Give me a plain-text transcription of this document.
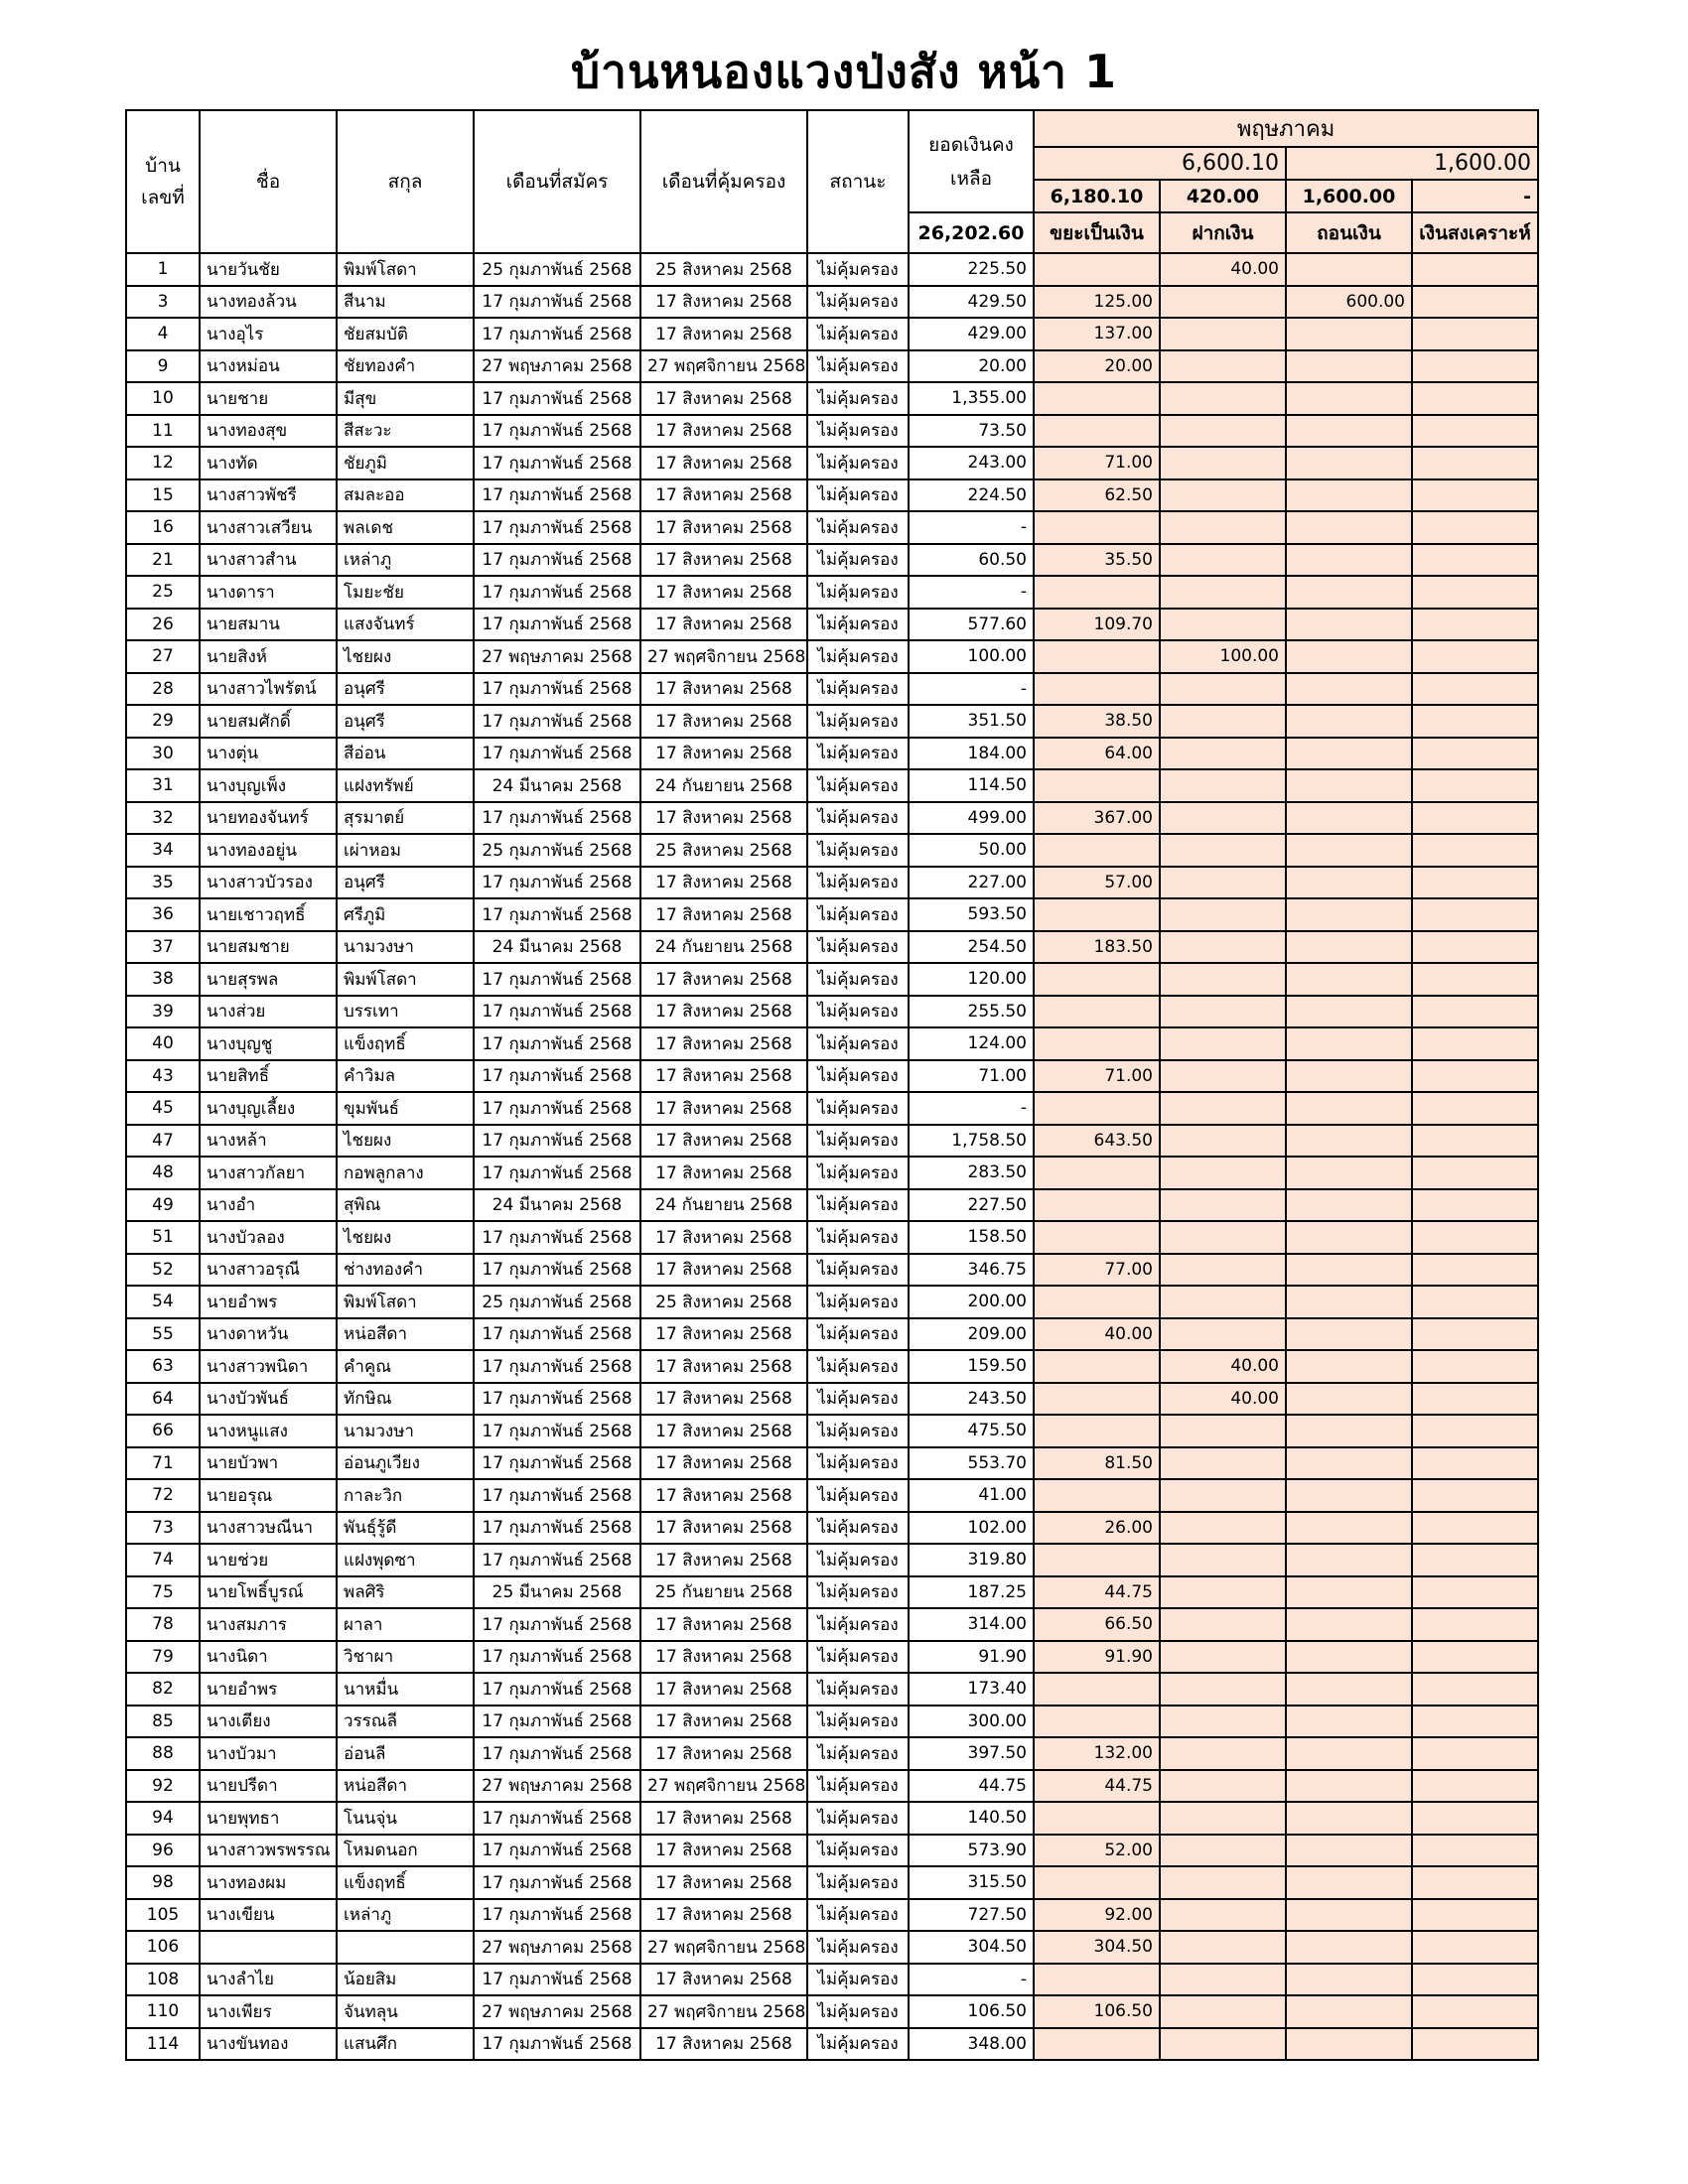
บ้านหนองแวงป่งสัง หน้า 1
บ้านเลขที่	ชื่อ	สกุล	เดือนที่สมัคร	เดือนที่คุ้มครอง	สถานะ	ยอดเงินคงเหลือ	พฤษภาคม			
							6,600.10		1,600.00	
							6,180.10	420.00	1,600.00	-
						26,202.60	ขยะเป็นเงิน	ฝากเงิน	ถอนเงิน	เงินสงเคราะห์
1	นายวันชัย	พิมพ์โสดา	25 กุมภาพันธ์ 2568	25 สิงหาคม 2568	ไม่คุ้มครอง	225.50		40.00		
3	นางทองล้วน	สีนาม	17 กุมภาพันธ์ 2568	17 สิงหาคม 2568	ไม่คุ้มครอง	429.50	125.00		600.00	
4	นางอุไร	ชัยสมบัติ	17 กุมภาพันธ์ 2568	17 สิงหาคม 2568	ไม่คุ้มครอง	429.00	137.00			
9	นางหม่อน	ชัยทองคำ	27 พฤษภาคม 2568	27 พฤศจิกายน 2568	ไม่คุ้มครอง	20.00	20.00			
10	นายชาย	มีสุข	17 กุมภาพันธ์ 2568	17 สิงหาคม 2568	ไม่คุ้มครอง	1,355.00				
11	นางทองสุข	สีสะวะ	17 กุมภาพันธ์ 2568	17 สิงหาคม 2568	ไม่คุ้มครอง	73.50				
12	นางทัด	ชัยภูมิ	17 กุมภาพันธ์ 2568	17 สิงหาคม 2568	ไม่คุ้มครอง	243.00	71.00			
15	นางสาวพัชรี	สมละออ	17 กุมภาพันธ์ 2568	17 สิงหาคม 2568	ไม่คุ้มครอง	224.50	62.50			
16	นางสาวเสวียน	พลเดช	17 กุมภาพันธ์ 2568	17 สิงหาคม 2568	ไม่คุ้มครอง	-				
21	นางสาวสำน	เหล่าภู	17 กุมภาพันธ์ 2568	17 สิงหาคม 2568	ไม่คุ้มครอง	60.50	35.50			
25	นางดารา	โมยะชัย	17 กุมภาพันธ์ 2568	17 สิงหาคม 2568	ไม่คุ้มครอง	-				
26	นายสมาน	แสงจันทร์	17 กุมภาพันธ์ 2568	17 สิงหาคม 2568	ไม่คุ้มครอง	577.60	109.70			
27	นายสิงห์	ไชยผง	27 พฤษภาคม 2568	27 พฤศจิกายน 2568	ไม่คุ้มครอง	100.00		100.00		
28	นางสาวไพรัตน์	อนุศรี	17 กุมภาพันธ์ 2568	17 สิงหาคม 2568	ไม่คุ้มครอง	-				
29	นายสมศักดิ์	อนุศรี	17 กุมภาพันธ์ 2568	17 สิงหาคม 2568	ไม่คุ้มครอง	351.50	38.50			
30	นางตุ่น	สีอ่อน	17 กุมภาพันธ์ 2568	17 สิงหาคม 2568	ไม่คุ้มครอง	184.00	64.00			
31	นางบุญเพ็ง	แฝงทรัพย์	24 มีนาคม 2568	24 กันยายน 2568	ไม่คุ้มครอง	114.50				
32	นายทองจันทร์	สุรมาตย์	17 กุมภาพันธ์ 2568	17 สิงหาคม 2568	ไม่คุ้มครอง	499.00	367.00			
34	นางทองอยู่น	เผ่าหอม	25 กุมภาพันธ์ 2568	25 สิงหาคม 2568	ไม่คุ้มครอง	50.00				
35	นางสาวบัวรอง	อนุศรี	17 กุมภาพันธ์ 2568	17 สิงหาคม 2568	ไม่คุ้มครอง	227.00	57.00			
36	นายเชาวฤทธิ์	ศรีภูมิ	17 กุมภาพันธ์ 2568	17 สิงหาคม 2568	ไม่คุ้มครอง	593.50				
37	นายสมชาย	นามวงษา	24 มีนาคม 2568	24 กันยายน 2568	ไม่คุ้มครอง	254.50	183.50			
38	นายสุรพล	พิมพ์โสดา	17 กุมภาพันธ์ 2568	17 สิงหาคม 2568	ไม่คุ้มครอง	120.00				
39	นางส่วย	บรรเทา	17 กุมภาพันธ์ 2568	17 สิงหาคม 2568	ไม่คุ้มครอง	255.50				
40	นางบุญชู	แข็งฤทธิ์	17 กุมภาพันธ์ 2568	17 สิงหาคม 2568	ไม่คุ้มครอง	124.00				
43	นายสิทธิ์	คำวิมล	17 กุมภาพันธ์ 2568	17 สิงหาคม 2568	ไม่คุ้มครอง	71.00	71.00			
45	นางบุญเลี้ยง	ขุมพันธ์	17 กุมภาพันธ์ 2568	17 สิงหาคม 2568	ไม่คุ้มครอง	-				
47	นางหล้า	ไชยผง	17 กุมภาพันธ์ 2568	17 สิงหาคม 2568	ไม่คุ้มครอง	1,758.50	643.50			
48	นางสาวกัลยา	กอพลูกลาง	17 กุมภาพันธ์ 2568	17 สิงหาคม 2568	ไม่คุ้มครอง	283.50				
49	นางอำ	สุพิณ	24 มีนาคม 2568	24 กันยายน 2568	ไม่คุ้มครอง	227.50				
51	นางบัวลอง	ไชยผง	17 กุมภาพันธ์ 2568	17 สิงหาคม 2568	ไม่คุ้มครอง	158.50				
52	นางสาวอรุณี	ช่างทองคำ	17 กุมภาพันธ์ 2568	17 สิงหาคม 2568	ไม่คุ้มครอง	346.75	77.00			
54	นายอำพร	พิมพ์โสดา	25 กุมภาพันธ์ 2568	25 สิงหาคม 2568	ไม่คุ้มครอง	200.00				
55	นางดาหวัน	หน่อสีดา	17 กุมภาพันธ์ 2568	17 สิงหาคม 2568	ไม่คุ้มครอง	209.00	40.00			
63	นางสาวพนิดา	คำคูณ	17 กุมภาพันธ์ 2568	17 สิงหาคม 2568	ไม่คุ้มครอง	159.50		40.00		
64	นางบัวพันธ์	ทักษิณ	17 กุมภาพันธ์ 2568	17 สิงหาคม 2568	ไม่คุ้มครอง	243.50		40.00		
66	นางหนูแสง	นามวงษา	17 กุมภาพันธ์ 2568	17 สิงหาคม 2568	ไม่คุ้มครอง	475.50				
71	นายบัวพา	อ่อนภูเวียง	17 กุมภาพันธ์ 2568	17 สิงหาคม 2568	ไม่คุ้มครอง	553.70	81.50			
72	นายอรุณ	กาละวิก	17 กุมภาพันธ์ 2568	17 สิงหาคม 2568	ไม่คุ้มครอง	41.00				
73	นางสาวษณีนา	พันธุ์รู้ดี	17 กุมภาพันธ์ 2568	17 สิงหาคม 2568	ไม่คุ้มครอง	102.00	26.00			
74	นายช่วย	แฝงพุดซา	17 กุมภาพันธ์ 2568	17 สิงหาคม 2568	ไม่คุ้มครอง	319.80				
75	นายโพธิ์บูรณ์	พลศิริ	25 มีนาคม 2568	25 กันยายน 2568	ไม่คุ้มครอง	187.25	44.75			
78	นางสมภาร	ผาลา	17 กุมภาพันธ์ 2568	17 สิงหาคม 2568	ไม่คุ้มครอง	314.00	66.50			
79	นางนิดา	วิชาผา	17 กุมภาพันธ์ 2568	17 สิงหาคม 2568	ไม่คุ้มครอง	91.90	91.90			
82	นายอำพร	นาหมื่น	17 กุมภาพันธ์ 2568	17 สิงหาคม 2568	ไม่คุ้มครอง	173.40				
85	นางเตียง	วรรณลี	17 กุมภาพันธ์ 2568	17 สิงหาคม 2568	ไม่คุ้มครอง	300.00				
88	นางบัวมา	อ่อนลี	17 กุมภาพันธ์ 2568	17 สิงหาคม 2568	ไม่คุ้มครอง	397.50	132.00			
92	นายปรีดา	หน่อสีดา	27 พฤษภาคม 2568	27 พฤศจิกายน 2568	ไม่คุ้มครอง	44.75	44.75			
94	นายพุทธา	โนนจุ่น	17 กุมภาพันธ์ 2568	17 สิงหาคม 2568	ไม่คุ้มครอง	140.50				
96	นางสาวพรพรรณ	โหมดนอก	17 กุมภาพันธ์ 2568	17 สิงหาคม 2568	ไม่คุ้มครอง	573.90	52.00			
98	นางทองผม	แข็งฤทธิ์	17 กุมภาพันธ์ 2568	17 สิงหาคม 2568	ไม่คุ้มครอง	315.50				
105	นางเขียน	เหล่าภู	17 กุมภาพันธ์ 2568	17 สิงหาคม 2568	ไม่คุ้มครอง	727.50	92.00			
106			27 พฤษภาคม 2568	27 พฤศจิกายน 2568	ไม่คุ้มครอง	304.50	304.50			
108	นางลำไย	น้อยสิม	17 กุมภาพันธ์ 2568	17 สิงหาคม 2568	ไม่คุ้มครอง	-				
110	นางเพียร	จันทลุน	27 พฤษภาคม 2568	27 พฤศจิกายน 2568	ไม่คุ้มครอง	106.50	106.50			
114	นางขันทอง	แสนศึก	17 กุมภาพันธ์ 2568	17 สิงหาคม 2568	ไม่คุ้มครอง	348.00				
